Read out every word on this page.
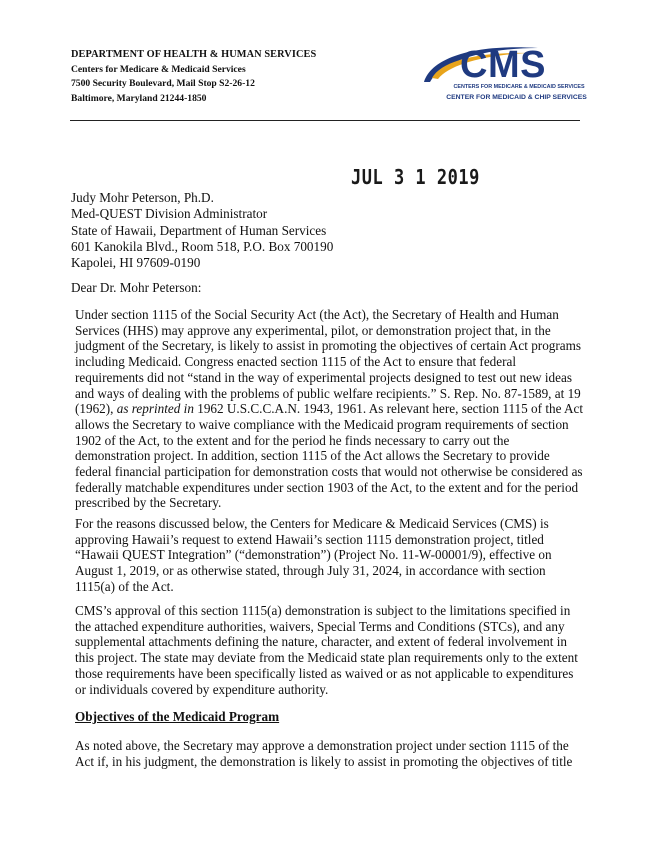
DEPARTMENT OF HEALTH & HUMAN SERVICES
Centers for Medicare & Medicaid Services
7500 Security Boulevard, Mail Stop S2-26-12
Baltimore, Maryland 21244-1850
CMS
CENTERS FOR MEDICARE & MEDICAID SERVICES
CENTER FOR MEDICAID & CHIP SERVICES
JUL 3 1 2019
Judy Mohr Peterson, Ph.D.
Med-QUEST Division Administrator
State of Hawaii, Department of Human Services
601 Kanokila Blvd., Room 518, P.O. Box 700190
Kapolei, HI 97609-0190
Dear Dr. Mohr Peterson:
Under section 1115 of the Social Security Act (the Act), the Secretary of Health and Human Services (HHS) may approve any experimental, pilot, or demonstration project that, in the judgment of the Secretary, is likely to assist in promoting the objectives of certain Act programs including Medicaid. Congress enacted section 1115 of the Act to ensure that federal requirements did not “stand in the way of experimental projects designed to test out new ideas and ways of dealing with the problems of public welfare recipients.” S. Rep. No. 87-1589, at 19 (1962), as reprinted in 1962 U.S.C.C.A.N. 1943, 1961. As relevant here, section 1115 of the Act allows the Secretary to waive compliance with the Medicaid program requirements of section 1902 of the Act, to the extent and for the period he finds necessary to carry out the demonstration project. In addition, section 1115 of the Act allows the Secretary to provide federal financial participation for demonstration costs that would not otherwise be considered as federally matchable expenditures under section 1903 of the Act, to the extent and for the period prescribed by the Secretary.
For the reasons discussed below, the Centers for Medicare & Medicaid Services (CMS) is approving Hawaii’s request to extend Hawaii’s section 1115 demonstration project, titled “Hawaii QUEST Integration” (“demonstration”) (Project No. 11-W-00001/9), effective on August 1, 2019, or as otherwise stated, through July 31, 2024, in accordance with section 1115(a) of the Act.
CMS’s approval of this section 1115(a) demonstration is subject to the limitations specified in the attached expenditure authorities, waivers, Special Terms and Conditions (STCs), and any supplemental attachments defining the nature, character, and extent of federal involvement in this project. The state may deviate from the Medicaid state plan requirements only to the extent those requirements have been specifically listed as waived or as not applicable to expenditures or individuals covered by expenditure authority.
Objectives of the Medicaid Program
As noted above, the Secretary may approve a demonstration project under section 1115 of the Act if, in his judgment, the demonstration is likely to assist in promoting the objectives of title
